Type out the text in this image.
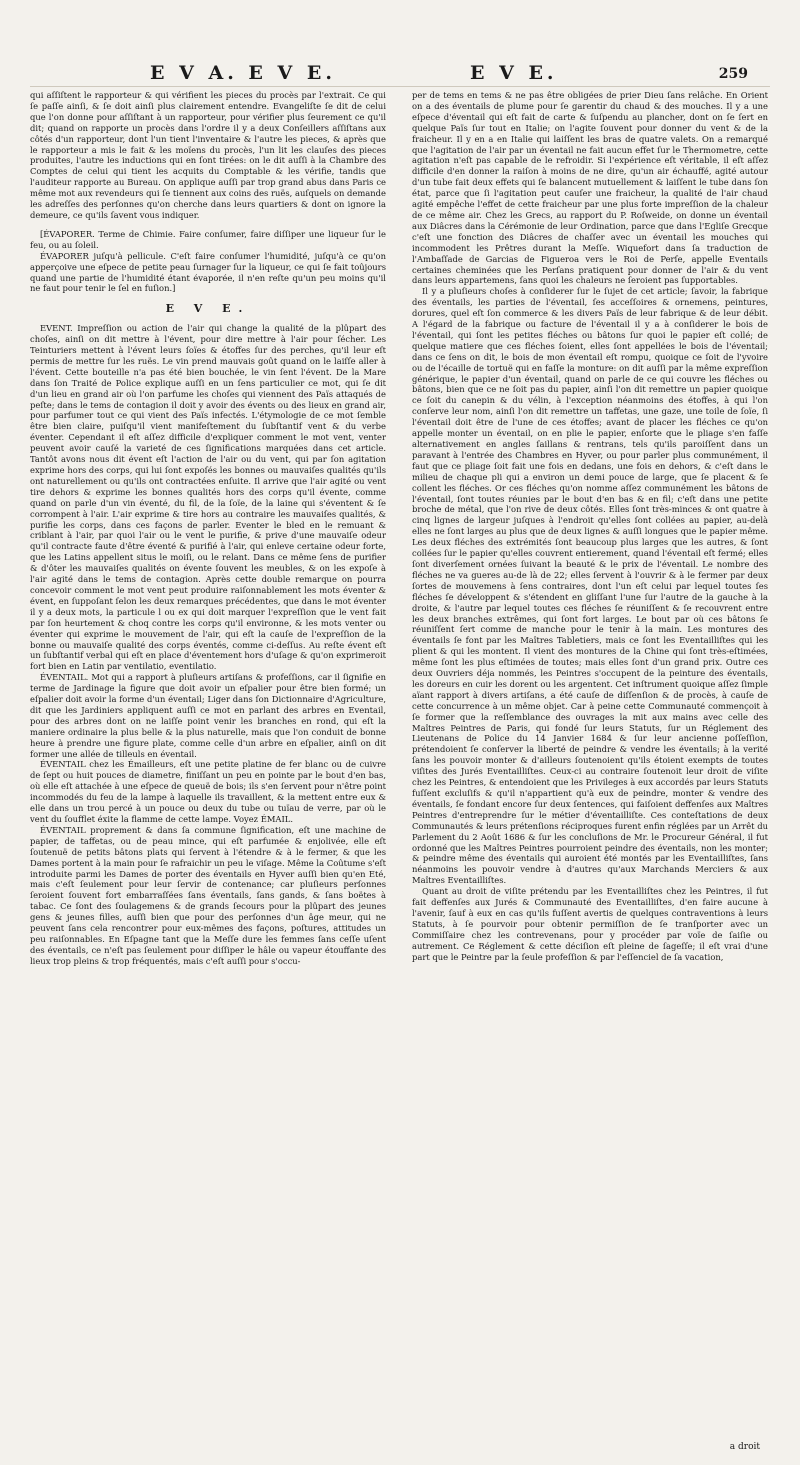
E V A. E V E.	E V E.	259

qui aſſiſtent le rapporteur & qui vérifient les pieces du procès par l'extrait. Ce qui ſe paſſe ainſi, & ſe doit ainſi plus clairement entendre. Evangeliſte ſe dit de celui que l'on donne pour aſſiſtant à un rapporteur, pour vérifier plus ſeurement ce qu'il dit; quand on rapporte un procès dans l'ordre il y a deux Conſeillers aſſiſtans aux côtés d'un rapporteur, dont l'un tient l'inventaire & l'autre les pieces, & après que le rapporteur a mis le fait & les moïens du procès, l'un lit les clauſes des pieces produites, l'autre les inductions qui en ſont tirées: on le dit auſſi à la Chambre des Comptes de celui qui tient les acquits du Comptable & les vérifie, tandis que l'auditeur rapporte au Bureau. On applique auſſi par trop grand abus dans Paris ce même mot aux revendeurs qui ſe tiennent aux coins des ruës, auſquels on demande les adreſſes des perſonnes qu'on cherche dans leurs quartiers & dont on ignore la demeure, ce qu'ils ſavent vous indiquer.

[ÉVAPORER. Terme de Chimie. Faire conſumer, faire diſſiper une liqueur ſur le feu, ou au ſoleil.

ÉVAPORER juſqu'à pellicule. C'eſt faire conſumer l'humidité, juſqu'à ce qu'on apperçoive une eſpece de petite peau ſurnager ſur la liqueur, ce qui ſe fait toûjours quand une partie de l'humidité étant évaporée, il n'en reſte qu'un peu moins qu'il ne faut pour tenir le ſel en fuſion.]

E V E.

EVENT. Impreſſion ou action de l'air qui change la qualité de la plûpart des choſes, ainſi on dit mettre à l'évent, pour dire mettre à l'air pour ſécher. Les Teinturiers mettent à l'évent leurs ſoïes & étoffes ſur des perches, qu'il leur eſt permis de mettre ſur les ruës. Le vin prend mauvais goût quand on le laiſſe aller à l'évent. Cette bouteille n'a pas été bien bouchée, le vin ſent l'évent. De la Mare dans ſon Traité de Police explique auſſi en un ſens particulier ce mot, qui ſe dit d'un lieu en grand air où l'on parfume les choſes qui viennent des Païs attaqués de peſte; dans le tems de contagion il doit y avoir des évents ou des lieux en grand air, pour parfumer tout ce qui vient des Païs infectés. L'étymologie de ce mot ſemble être bien claire, puiſqu'il vient manifeſtement du ſubſtantif vent & du verbe éventer. Cependant il eſt aſſez difficile d'expliquer comment le mot vent, venter peuvent avoir cauſé la varieté de ces ſignifications marquées dans cet article. Tantôt avons nous dit évent eſt l'action de l'air ou du vent, qui par ſon agitation exprime hors des corps, qui lui ſont expoſés les bonnes ou mauvaiſes qualités qu'ils ont naturellement ou qu'ils ont contractées enſuite. Il arrive que l'air agité ou vent tire dehors & exprime les bonnes qualités hors des corps qu'il évente, comme quand on parle d'un vin éventé, du fil, de la ſoïe, de la laine qui s'éventent & ſe corrompent à l'air. L'air exprime & tire hors au contraire les mauvaiſes qualités, & purifie les corps, dans ces façons de parler. Eventer le bled en le remuant & criblant à l'air, par quoi l'air ou le vent le purifie, & prive d'une mauvaiſe odeur qu'il contracte faute d'être éventé & purifié à l'air, qui enleve certaine odeur forte, que les Latins appellent situs le moiſi, ou le relant. Dans ce même ſens de purifier & d'ôter les mauvaiſes qualités on évente ſouvent les meubles, & on les expoſe à l'air agité dans le tems de contagion. Après cette double remarque on pourra concevoir comment le mot vent peut produire raiſonnablement les mots éventer & évent, en ſuppoſant ſelon les deux remarques précédentes, que dans le mot éventer il y a deux mots, la particule l ou ex qui doit marquer l'expreſſion que le vent fait par ſon heurtement & choq contre les corps qu'il environne, & les mots venter ou éventer qui exprime le mouvement de l'air, qui eſt la cauſe de l'expreſſion de la bonne ou mauvaiſe qualité des corps éventés, comme ci-deſſus. Au reſte évent eſt un ſubſtantif verbal qui eſt en place d'éventement hors d'uſage & qu'on exprimeroit fort bien en Latin par ventilatio, eventilatio.

ÉVENTAIL. Mot qui a rapport à pluſieurs artiſans & profeſſions, car il ſignifie en terme de Jardinage la figure que doit avoir un eſpalier pour être bien formé; un eſpalier doit avoir la forme d'un éventail; Liger dans ſon Dictionnaire d'Agriculture, dit que les Jardiniers appliquent auſſi ce mot en parlant des arbres en Eventail, pour des arbres dont on ne laiſſe point venir les branches en rond, qui eſt la maniere ordinaire la plus belle & la plus naturelle, mais que l'on conduit de bonne heure à prendre une figure plate, comme celle d'un arbre en eſpalier, ainſi on dit former une allée de tilleuls en éventail.

ÉVENTAIL chez les Émailleurs, eſt une petite platine de fer blanc ou de cuivre de ſept ou huit pouces de diametre, finiſſant un peu en pointe par le bout d'en bas, où elle eſt attachée à une eſpece de queuë de bois; ils s'en ſervent pour n'être point incommodés du feu de la lampe à laquelle ils travaillent, & la mettent entre eux & elle dans un trou percé à un pouce ou deux du tube ou tuïau de verre, par où le vent du ſoufflet éxite la flamme de cette lampe. Voyez ÉMAIL.

ÉVENTAIL proprement & dans ſa commune ſignification, eſt une machine de papier, de taffetas, ou de peau mince, qui eſt parfumée & enjolivée, elle eſt ſoutenuë de petits bâtons plats qui ſervent à l'étendre & à le fermer, & que les Dames portent à la main pour ſe rafraichir un peu le viſage. Même la Coûtume s'eſt introduite parmi les Dames de porter des éventails en Hyver auſſi bien qu'en Eté, mais c'eſt ſeulement pour leur ſervir de contenance; car pluſieurs perſonnes ſeroient ſouvent fort embarraſſées ſans éventails, ſans gands, & ſans boëtes à tabac. Ce ſont des ſoulagemens & de grands ſecours pour la plûpart des jeunes gens & jeunes filles, auſſi bien que pour des perſonnes d'un âge meur, qui ne peuvent ſans cela rencontrer pour eux-mêmes des façons, poſtures, attitudes un peu raiſonnables. En Eſpagne tant que la Meſſe dure les femmes ſans ceſſe uſent des éventails, ce n'eſt pas ſeulement pour diſſiper le hâle ou vapeur étouffante des lieux trop pleins & trop fréquentés, mais c'eſt auſſi pour s'occu-

per de tems en tems & ne pas être obligées de prier Dieu ſans relâche. En Orient on a des éventails de plume pour ſe garentir du chaud & des mouches. Il y a une eſpece d'éventail qui eſt fait de carte & ſuſpendu au plancher, dont on ſe ſert en quelque Païs ſur tout en Italie; on l'agite ſouvent pour donner du vent & de la fraicheur. Il y en a en Italie qui laiſſent les bras de quatre valets. On a remarqué que l'agitation de l'air par un éventail ne fait aucun effet ſur le Thermometre, cette agitation n'eſt pas capable de le refroidir. Si l'expérience eſt véritable, il eſt aſſez difficile d'en donner la raiſon à moins de ne dire, qu'un air échauffé, agité autour d'un tube fait deux effets qui ſe balancent mutuellement & laiſſent le tube dans ſon état, parce que ſi l'agitation peut cauſer une fraicheur, la qualité de l'air chaud agité empêche l'effet de cette fraicheur par une plus forte impreſſion de la chaleur de ce même air. Chez les Grecs, au rapport du P. Roſweide, on donne un éventail aux Diâcres dans la Cérémonie de leur Ordination, parce que dans l'Egliſe Grecque c'eſt une fonction des Diâcres de chaſſer avec un éventail les mouches qui incommodent les Prêtres durant la Meſſe. Wiquefort dans ſa traduction de l'Ambaſſade de Garcias de Figueroa vers le Roi de Perſe, appelle Eventails certaines cheminées que les Perſans pratiquent pour donner de l'air & du vent dans leurs appartemens, ſans quoi les chaleurs ne ſeroient pas ſupportables.

Il y a pluſieurs choſes à conſiderer ſur le ſujet de cet article; ſavoir, la fabrique des éventails, les parties de l'éventail, ſes acceſſoires & ornemens, peintures, dorures, quel eſt ſon commerce & les divers Païs de leur fabrique & de leur débit. A l'égard de la fabrique ou facture de l'éventail il y a à conſiderer le bois de l'éventail, qui ſont les petites fléches ou bâtons ſur quoi le papier eſt collé; de quelque matiere que ces fléches ſoient, elles ſont appellées le bois de l'éventail; dans ce ſens on dit, le bois de mon éventail eſt rompu, quoique ce ſoit de l'yvoire ou de l'écaille de tortuë qui en faſſe la monture: on dit auſſi par la même expreſſion générique, le papier d'un éventail, quand on parle de ce qui couvre les fléches ou bâtons, bien que ce ne ſoit pas du papier, ainſi l'on dit remettre un papier quoique ce ſoit du canepin & du vélin, à l'exception néanmoins des étoffes, à qui l'on conſerve leur nom, ainſi l'on dit remettre un taffetas, une gaze, une toile de ſoïe, ſi l'éventail doit être de l'une de ces étoffes; avant de placer les fléches ce qu'on appelle monter un éventail, on en plie le papier, enſorte que le pliage s'en faſſe alternativement en angles ſaillans & rentrans, tels qu'ils paroiſſent dans un paravant à l'entrée des Chambres en Hyver, ou pour parler plus communément, il faut que ce pliage ſoit fait une fois en dedans, une fois en dehors, & c'eſt dans le milieu de chaque pli qui a environ un demi pouce de large, que ſe placent & ſe collent les fléches. Or ces fléches qu'on nomme aſſez communément les bâtons de l'éventail, ſont toutes réunies par le bout d'en bas & en fil; c'eſt dans une petite broche de métal, que l'on rive de deux côtés. Elles ſont très-minces & ont quatre à cinq lignes de largeur juſques à l'endroit qu'elles ſont collées au papier, au-delà elles ne ſont larges au plus que de deux lignes & auſſi longues que le papier même. Les deux fléches des extrémités ſont beaucoup plus larges que les autres, & ſont collées ſur le papier qu'elles couvrent entierement, quand l'éventail eſt fermé; elles ſont diverſement ornées ſuivant la beauté & le prix de l'éventail. Le nombre des fléches ne va gueres au-de là de 22; elles ſervent à l'ouvrir & à le fermer par deux ſortes de mouvemens à ſens contraires, dont l'un eſt celui par lequel toutes ſes fléches ſe développent & s'étendent en gliſſant l'une ſur l'autre de la gauche à la droite, & l'autre par lequel toutes ces fléches ſe réuniſſent & ſe recouvrent entre les deux branches extrêmes, qui ſont fort larges. Le bout par où ces bâtons ſe réuniſſent ſert comme de manche pour le tenir à la main. Les montures des éventails ſe font par les Maîtres Tabletiers, mais ce ſont les Eventailliſtes qui les plient & qui les montent. Il vient des montures de la Chine qui ſont très-eſtimées, même ſont les plus eſtimées de toutes; mais elles ſont d'un grand prix. Outre ces deux Ouvriers déja nommés, les Peintres s'occupent de la peinture des éventails, les doreurs en cuir les dorent ou les argentent. Cet inſtrument quoique aſſez ſimple aïant rapport à divers artiſans, a été cauſe de diſſenſion & de procès, à cauſe de cette concurrence à un même objet. Car à peine cette Communauté commençoit à ſe former que la reſſemblance des ouvrages la mit aux mains avec celle des Maîtres Peintres de Paris, qui fondé ſur leurs Statuts, ſur un Réglement des Lieutenans de Police du 14 Janvier 1684 & ſur leur ancienne poſſeſſion, prétendoient ſe conſerver la liberté de peindre & vendre les éventails; à la verité ſans les pouvoir monter & d'ailleurs ſoutenoient qu'ils étoient exempts de toutes viſites des Jurés Eventailliſtes. Ceux-ci au contraire ſoutenoit leur droit de viſite chez les Peintres, & entendoient que les Privileges à eux accordés par leurs Statuts fuſſent excluſifs & qu'il n'appartient qu'à eux de peindre, monter & vendre des éventails, ſe fondant encore ſur deux ſentences, qui faiſoient deffenſes aux Maîtres Peintres d'entreprendre ſur le métier d'éventailliſte. Ces conteſtations de deux Communautés & leurs prétenſions réciproques furent enfin réglées par un Arrêt du Parlement du 2 Août 1686 & ſur les concluſions de Mr. le Procureur Général, il fut ordonné que les Maîtres Peintres pourroient peindre des éventails, non les monter; & peindre même des éventails qui auroient été montés par les Eventailliſtes, ſans néanmoins les pouvoir vendre à d'autres qu'aux Marchands Merciers & aux Maîtres Eventailliſtes.

Quant au droit de viſite prétendu par les Eventailliſtes chez les Peintres, il fut fait deffenſes aux Jurés & Communauté des Eventailliſtes, d'en faire aucune à l'avenir, ſauf à eux en cas qu'ils fuſſent avertis de quelques contraventions à leurs Statuts, à ſe pourvoir pour obtenir permiſſion de ſe tranſporter avec un Commiſſaire chez les contrevenans, pour y procéder par voïe de ſaiſie ou autrement. Ce Réglement & cette déciſion eſt pleine de ſageſſe; il eſt vrai d'une part que le Peintre par la ſeule profeſſion & par l'eſſenciel de ſa vacation,

a droit
